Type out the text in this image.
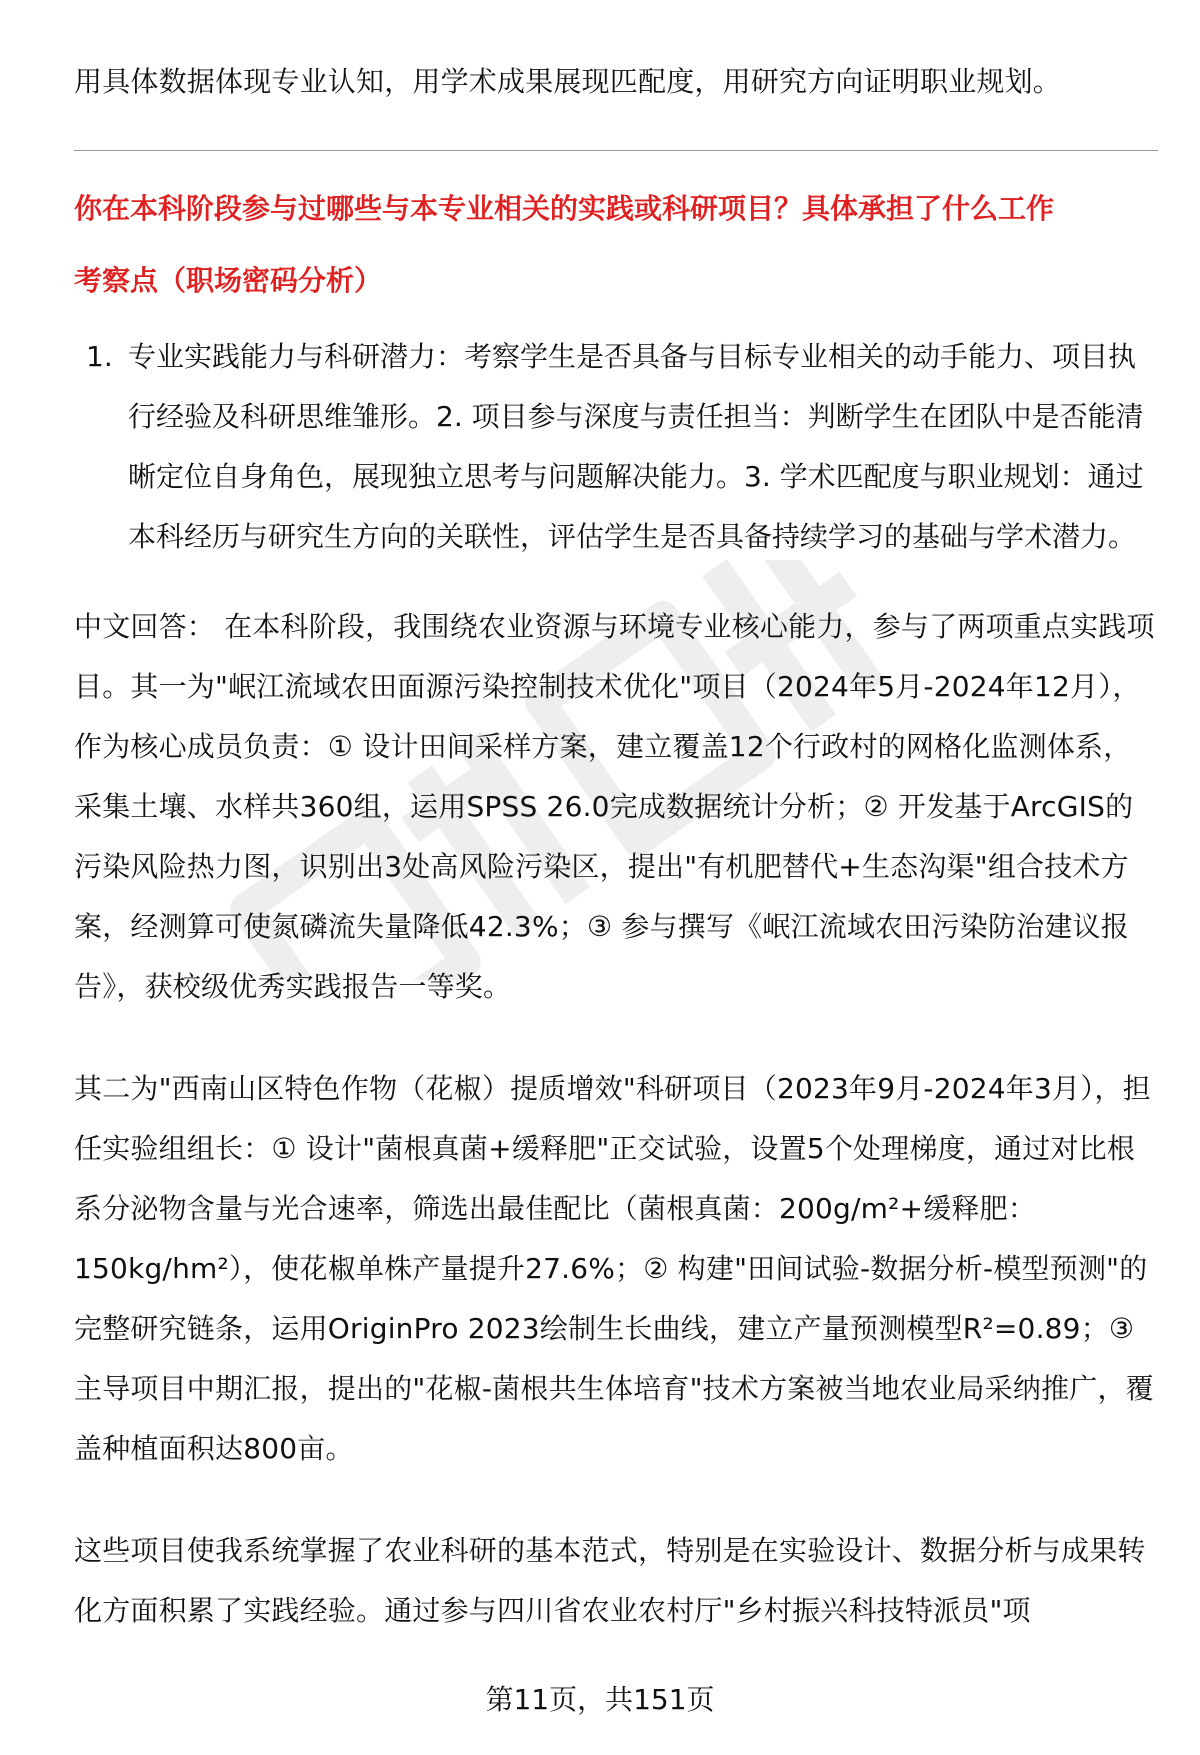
用具体数据体现专业认知，用学术成果展现匹配度，用研究方向证明职业规划。

你在本科阶段参与过哪些与本专业相关的实践或科研项目？具体承担了什么工作

考察点（职场密码分析）

1. 专业实践能力与科研潜力：考察学生是否具备与目标专业相关的动手能力、项目执行经验及科研思维雏形。2. 项目参与深度与责任担当：判断学生在团队中是否能清晰定位自身角色，展现独立思考与问题解决能力。3. 学术匹配度与职业规划：通过本科经历与研究生方向的关联性，评估学生是否具备持续学习的基础与学术潜力。

中文回答： 在本科阶段，我围绕农业资源与环境专业核心能力，参与了两项重点实践项目。其一为"岷江流域农田面源污染控制技术优化"项目（2024年5月-2024年12月），作为核心成员负责：① 设计田间采样方案，建立覆盖12个行政村的网格化监测体系，采集土壤、水样共360组，运用SPSS 26.0完成数据统计分析；② 开发基于ArcGIS的污染风险热力图，识别出3处高风险污染区，提出"有机肥替代+生态沟渠"组合技术方案，经测算可使氮磷流失量降低42.3%；③ 参与撰写《岷江流域农田污染防治建议报告》，获校级优秀实践报告一等奖。

其二为"西南山区特色作物（花椒）提质增效"科研项目（2023年9月-2024年3月），担任实验组组长：① 设计"菌根真菌+缓释肥"正交试验，设置5个处理梯度，通过对比根系分泌物含量与光合速率，筛选出最佳配比（菌根真菌：200g/m²+缓释肥：150kg/hm²），使花椒单株产量提升27.6%；② 构建"田间试验-数据分析-模型预测"的完整研究链条，运用OriginPro 2023绘制生长曲线，建立产量预测模型R²=0.89；③ 主导项目中期汇报，提出的"花椒-菌根共生体培育"技术方案被当地农业局采纳推广，覆盖种植面积达800亩。

这些项目使我系统掌握了农业科研的基本范式，特别是在实验设计、数据分析与成果转化方面积累了实践经验。通过参与四川省农业农村厅"乡村振兴科技特派员"项

第11页，共151页
